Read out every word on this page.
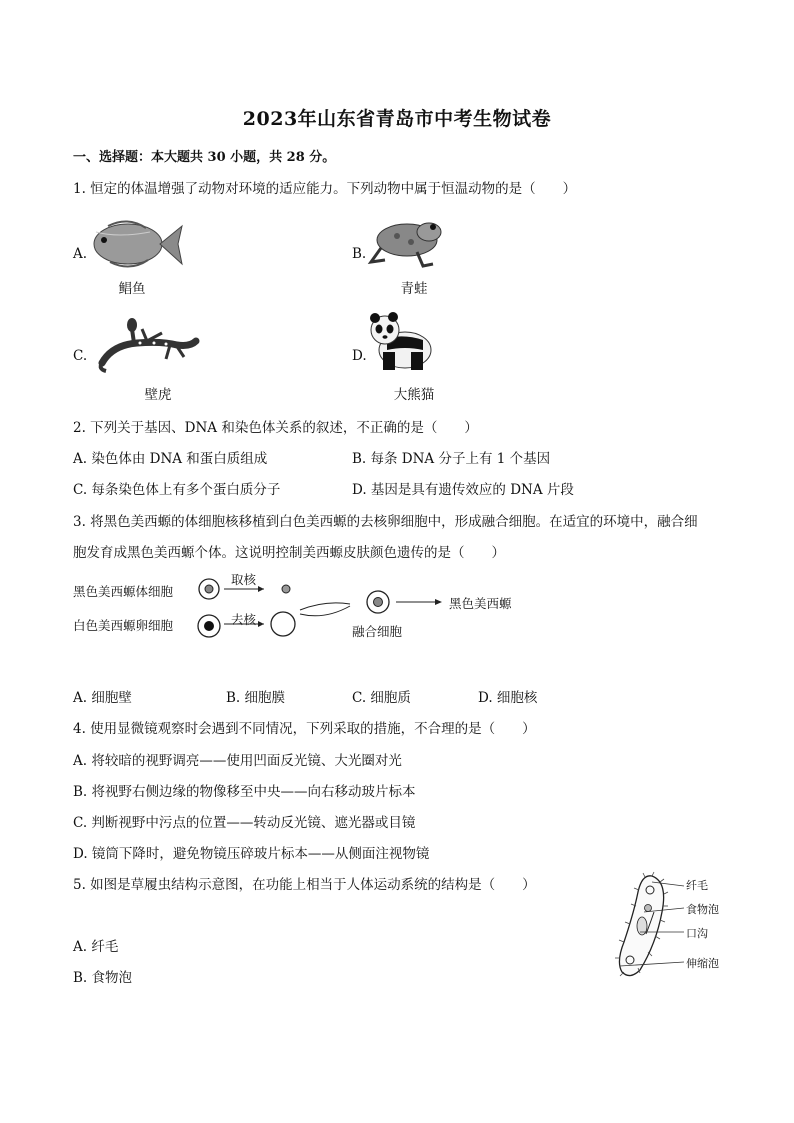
2023年山东省青岛市中考生物试卷
一、选择题：本大题共 30 小题，共 28 分。
1. 恒定的体温增强了动物对环境的适应能力。下列动物中属于恒温动物的是（　　）
A.
鲳鱼
B.
青蛙
C.
壁虎
D.
大熊猫
2. 下列关于基因、DNA 和染色体关系的叙述，不正确的是（　　）
A. 染色体由 DNA 和蛋白质组成	B. 每条 DNA 分子上有 1 个基因
C. 每条染色体上有多个蛋白质分子	D. 基因是具有遗传效应的 DNA 片段
3. 将黑色美西螈的体细胞核移植到白色美西螈的去核卵细胞中，形成融合细胞。在适宜的环境中，融合细
胞发育成黑色美西螈个体。这说明控制美西螈皮肤颜色遗传的是（　　）
黑色美西螈体细胞
白色美西螈卵细胞
取核
去核
融合细胞
黑色美西螈
A. 细胞壁	B. 细胞膜	C. 细胞质	D. 细胞核
4. 使用显微镜观察时会遇到不同情况，下列采取的措施，不合理的是（　　）
A. 将较暗的视野调亮——使用凹面反光镜、大光圈对光
B. 将视野右侧边缘的物像移至中央——向右移动玻片标本
C. 判断视野中污点的位置——转动反光镜、遮光器或目镜
D. 镜筒下降时，避免物镜压碎玻片标本——从侧面注视物镜
5. 如图是草履虫结构示意图，在功能上相当于人体运动系统的结构是（　　）
A. 纤毛
B. 食物泡
纤毛
食物泡
口沟
伸缩泡
